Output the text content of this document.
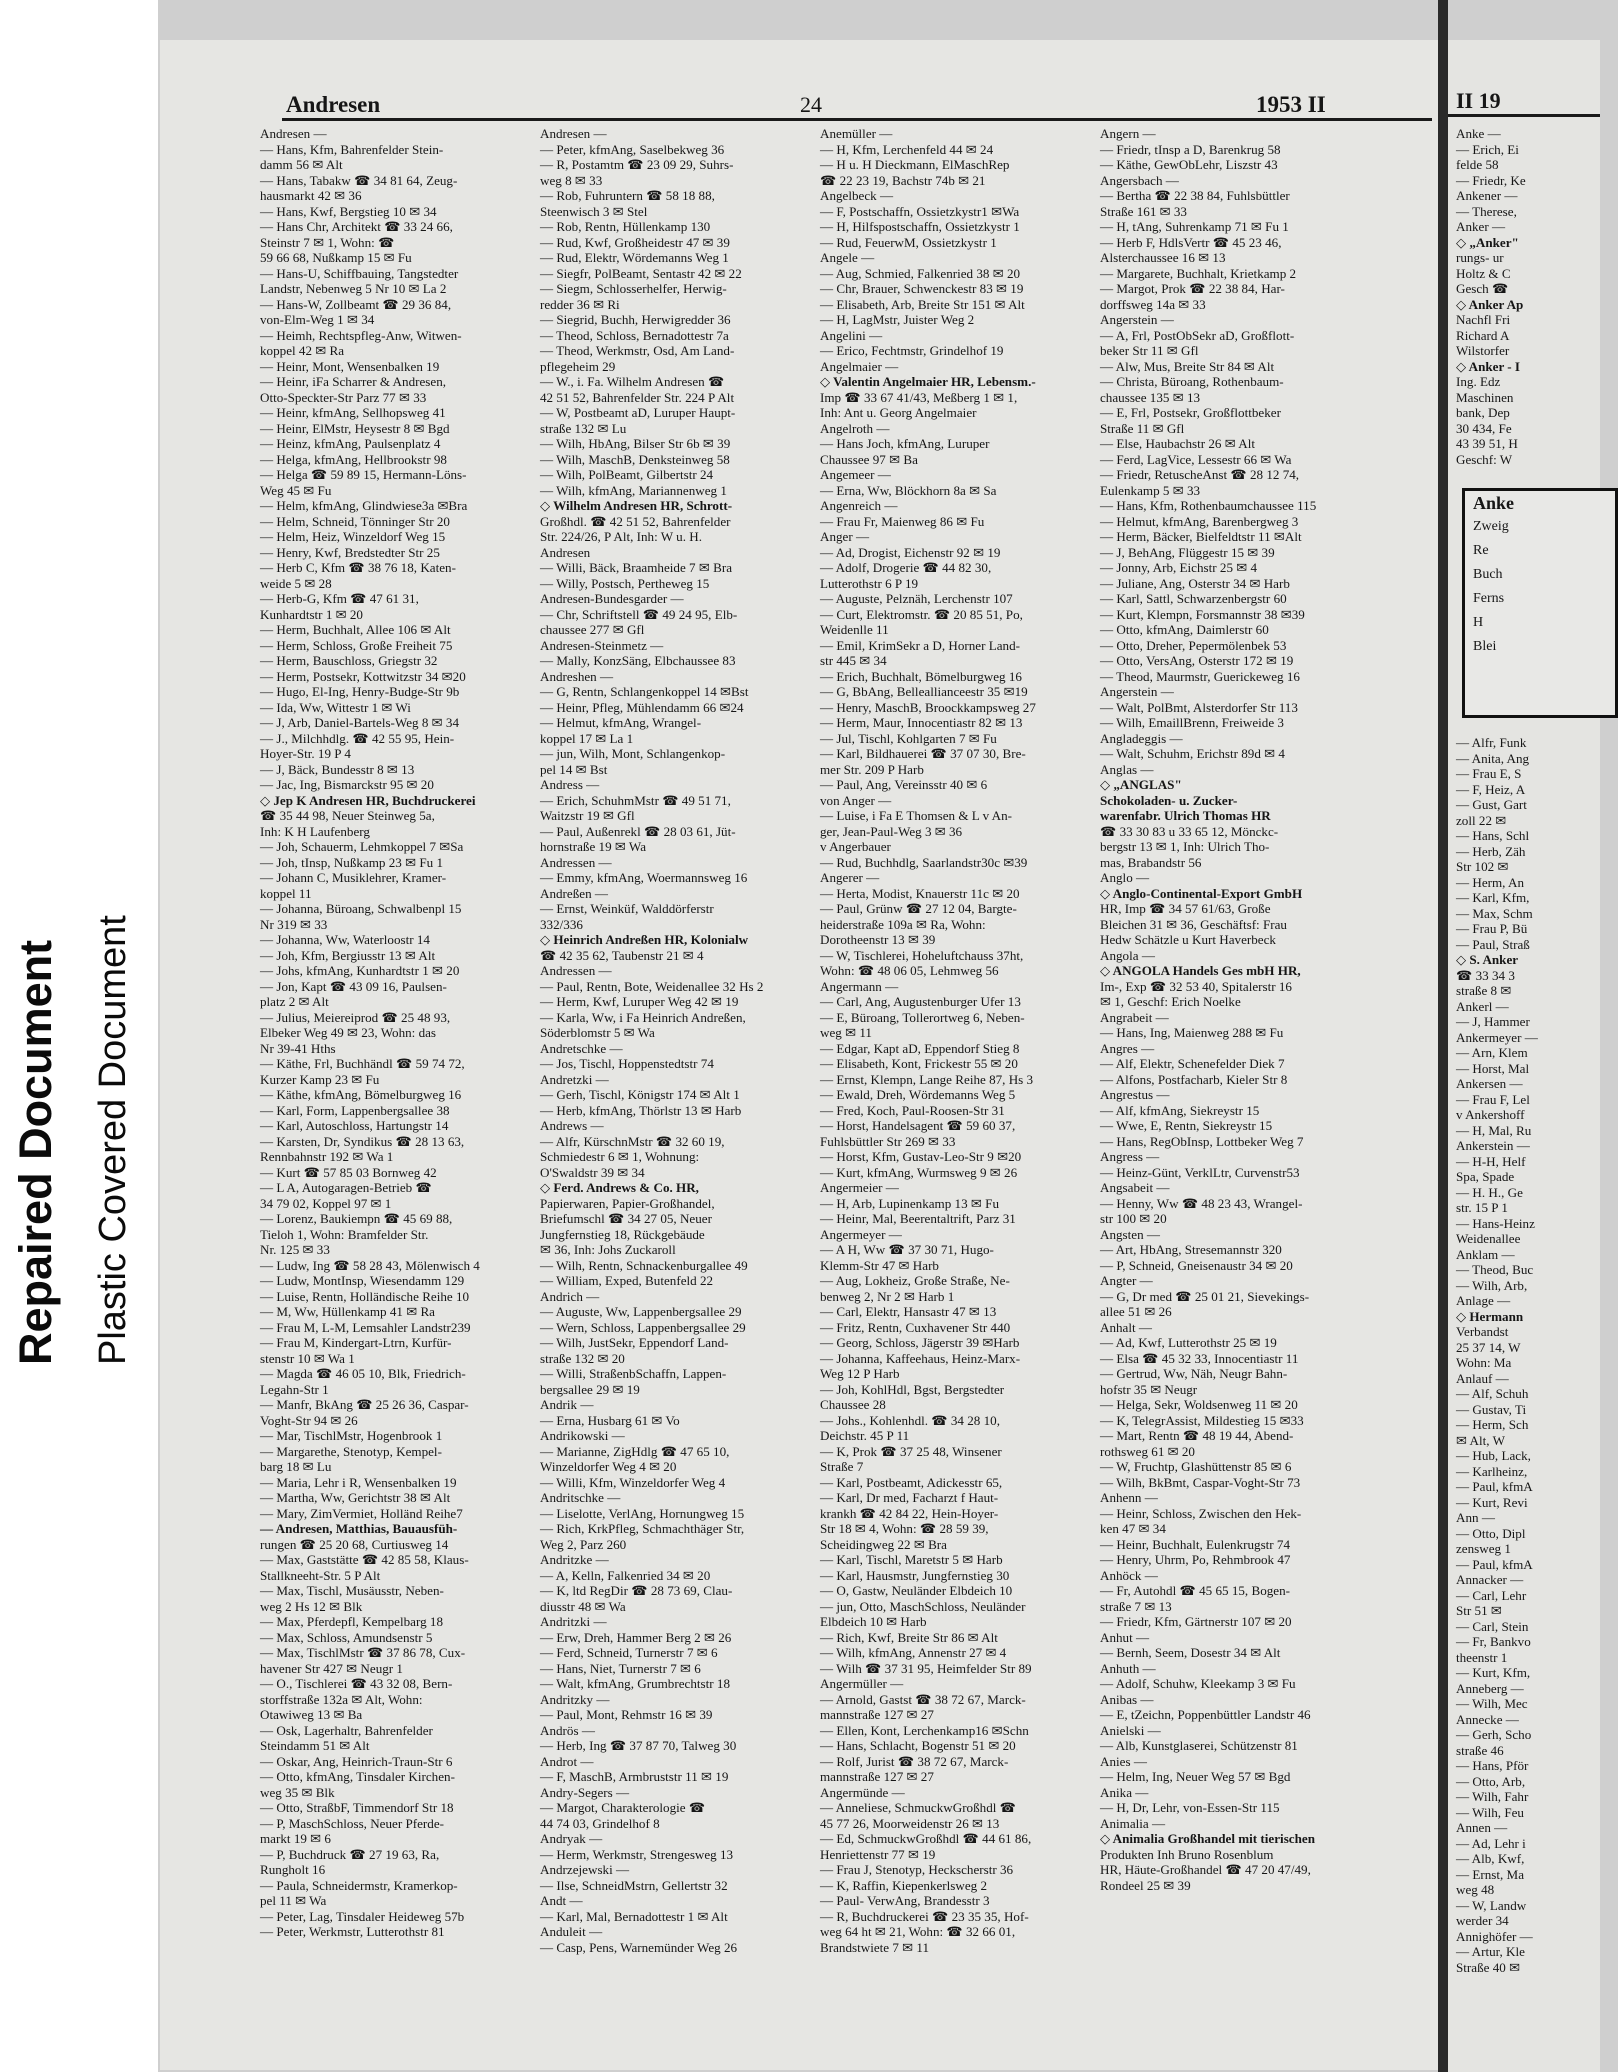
Repaired Document Plastic Covered Document
Andresen	24	1953 II
Andresen —
— Hans, Kfm, Bahrenfelder Stein-
damm 56 ✉ Alt
— Hans, Tabakw ☎ 34 81 64, Zeug-
hausmarkt 42 ✉ 36
— Hans, Kwf, Bergstieg 10 ✉ 34
— Hans Chr, Architekt ☎ 33 24 66,
Steinstr 7 ✉ 1, Wohn: ☎
59 66 68, Nußkamp 15 ✉ Fu
— Hans-U, Schiffbauing, Tangstedter
Landstr, Nebenweg 5 Nr 10 ✉ La 2
— Hans-W, Zollbeamt ☎ 29 36 84,
von-Elm-Weg 1 ✉ 34
— Heimh, Rechtspfleg-Anw, Witwen-
koppel 42 ✉ Ra
— Heinr, Mont, Wensenbalken 19
— Heinr, iFa Scharrer & Andresen,
Otto-Speckter-Str Parz 77 ✉ 33
— Heinr, kfmAng, Sellhopsweg 41
— Heinr, ElMstr, Heysestr 8 ✉ Bgd
— Heinz, kfmAng, Paulsenplatz 4
— Helga, kfmAng, Hellbrookstr 98
— Helga ☎ 59 89 15, Hermann-Löns-
Weg 45 ✉ Fu
— Helm, kfmAng, Glindwiese3a ✉Bra
— Helm, Schneid, Tönninger Str 20
— Helm, Heiz, Winzeldorf Weg 15
— Henry, Kwf, Bredstedter Str 25
— Herb C, Kfm ☎ 38 76 18, Katen-
weide 5 ✉ 28
— Herb-G, Kfm ☎ 47 61 31,
Kunhardtstr 1 ✉ 20
— Herm, Buchhalt, Allee 106 ✉ Alt
— Herm, Schloss, Große Freiheit 75
— Herm, Bauschloss, Griegstr 32
— Herm, Postsekr, Kottwitzstr 34 ✉20
— Hugo, El-Ing, Henry-Budge-Str 9b
— Ida, Ww, Wittestr 1 ✉ Wi
— J, Arb, Daniel-Bartels-Weg 8 ✉ 34
— J., Milchhdlg. ☎ 42 55 95, Hein-
Hoyer-Str. 19 P 4
— J, Bäck, Bundesstr 8 ✉ 13
— Jac, Ing, Bismarckstr 95 ✉ 20
◇ Jep K Andresen HR, Buchdruckerei
☎ 35 44 98, Neuer Steinweg 5a,
Inh: K H Laufenberg
— Joh, Schauerm, Lehmkoppel 7 ✉Sa
— Joh, tInsp, Nußkamp 23 ✉ Fu 1
— Johann C, Musiklehrer, Kramer-
koppel 11
— Johanna, Büroang, Schwalbenpl 15
Nr 319 ✉ 33
— Johanna, Ww, Waterloostr 14
— Joh, Kfm, Bergiusstr 13 ✉ Alt
— Johs, kfmAng, Kunhardtstr 1 ✉ 20
— Jon, Kapt ☎ 43 09 16, Paulsen-
platz 2 ✉ Alt
— Julius, Meiereiprod ☎ 25 48 93,
Elbeker Weg 49 ✉ 23, Wohn: das
Nr 39-41 Hths
— Käthe, Frl, Buchhändl ☎ 59 74 72,
Kurzer Kamp 23 ✉ Fu
— Käthe, kfmAng, Bömelburgweg 16
— Karl, Form, Lappenbergsallee 38
— Karl, Autoschloss, Hartungstr 14
— Karsten, Dr, Syndikus ☎ 28 13 63,
Rennbahnstr 192 ✉ Wa 1
— Kurt ☎ 57 85 03 Bornweg 42
— L A, Autogaragen-Betrieb ☎
34 79 02, Koppel 97 ✉ 1
— Lorenz, Baukiempn ☎ 45 69 88,
Tieloh 1, Wohn: Bramfelder Str.
Nr. 125 ✉ 33
— Ludw, Ing ☎ 58 28 43, Mölenwisch 4
— Ludw, MontInsp, Wiesendamm 129
— Luise, Rentn, Holländische Reihe 10
— M, Ww, Hüllenkamp 41 ✉ Ra
— Frau M, L-M, Lemsahler Landstr239
— Frau M, Kindergart-Ltrn, Kurfür-
stenstr 10 ✉ Wa 1
— Magda ☎ 46 05 10, Blk, Friedrich-
Legahn-Str 1
— Manfr, BkAng ☎ 25 26 36, Caspar-
Voght-Str 94 ✉ 26
— Mar, TischlMstr, Hogenbrook 1
— Margarethe, Stenotyp, Kempel-
barg 18 ✉ Lu
— Maria, Lehr i R, Wensenbalken 19
— Martha, Ww, Gerichtstr 38 ✉ Alt
— Mary, ZimVermiet, Holländ Reihe7
— Andresen, Matthias, Bauausfüh-
rungen ☎ 25 20 68, Curtiusweg 14
— Max, Gaststätte ☎ 42 85 58, Klaus-
Stallkneeht-Str. 5 P Alt
— Max, Tischl, Musäusstr, Neben-
weg 2 Hs 12 ✉ Blk
— Max, Pferdepfl, Kempelbarg 18
— Max, Schloss, Amundsenstr 5
— Max, TischlMstr ☎ 37 86 78, Cux-
havener Str 427 ✉ Neugr 1
— O., Tischlerei ☎ 43 32 08, Bern-
storffstraße 132a ✉ Alt, Wohn:
Otawiweg 13 ✉ Ba
— Osk, Lagerhaltr, Bahrenfelder
Steindamm 51 ✉ Alt
— Oskar, Ang, Heinrich-Traun-Str 6
— Otto, kfmAng, Tinsdaler Kirchen-
weg 35 ✉ Blk
— Otto, StraßbF, Timmendorf Str 18
— P, MaschSchloss, Neuer Pferde-
markt 19 ✉ 6
— P, Buchdruck ☎ 27 19 63, Ra,
Rungholt 16
— Paula, Schneidermstr, Kramerkop-
pel 11 ✉ Wa
— Peter, Lag, Tinsdaler Heideweg 57b
— Peter, Werkmstr, Lutterothstr 81
Andresen —
— Peter, kfmAng, Saselbekweg 36
— R, Postamtm ☎ 23 09 29, Suhrs-
weg 8 ✉ 33
— Rob, Fuhruntern ☎ 58 18 88,
Steenwisch 3 ✉ Stel
— Rob, Rentn, Hüllenkamp 130
— Rud, Kwf, Großheidestr 47 ✉ 39
— Rud, Elektr, Wördemanns Weg 1
— Siegfr, PolBeamt, Sentastr 42 ✉ 22
— Siegm, Schlosserhelfer, Herwig-
redder 36 ✉ Ri
— Siegrid, Buchh, Herwigredder 36
— Theod, Schloss, Bernadottestr 7a
— Theod, Werkmstr, Osd, Am Land-
pflegeheim 29
— W., i. Fa. Wilhelm Andresen ☎
42 51 52, Bahrenfelder Str. 224 P Alt
— W, Postbeamt aD, Luruper Haupt-
straße 132 ✉ Lu
— Wilh, HbAng, Bilser Str 6b ✉ 39
— Wilh, MaschB, Denksteinweg 58
— Wilh, PolBeamt, Gilbertstr 24
— Wilh, kfmAng, Mariannenweg 1
◇ Wilhelm Andresen HR, Schrott-
Großhdl. ☎ 42 51 52, Bahrenfelder
Str. 224/26, P Alt, Inh: W u. H.
Andresen
— Willi, Bäck, Braamheide 7 ✉ Bra
— Willy, Postsch, Pertheweg 15
Andresen-Bundesgarder —
— Chr, Schriftstell ☎ 49 24 95, Elb-
chaussee 277 ✉ Gfl
Andresen-Steinmetz —
— Mally, KonzSäng, Elbchaussee 83
Andreshen —
— G, Rentn, Schlangenkoppel 14 ✉Bst
— Heinr, Pfleg, Mühlendamm 66 ✉24
— Helmut, kfmAng, Wrangel-
koppel 17 ✉ La 1
— jun, Wilh, Mont, Schlangenkop-
pel 14 ✉ Bst
Andress —
— Erich, SchuhmMstr ☎ 49 51 71,
Waitzstr 19 ✉ Gfl
— Paul, Außenrekl ☎ 28 03 61, Jüt-
hornstraße 19 ✉ Wa
Andressen —
— Emmy, kfmAng, Woermannsweg 16
Andreßen —
— Ernst, Weinküf, Walddörferstr
332/336
◇ Heinrich Andreßen HR, Kolonialw
☎ 42 35 62, Taubenstr 21 ✉ 4
Andressen —
— Paul, Rentn, Bote, Weidenallee 32 Hs 2
— Herm, Kwf, Luruper Weg 42 ✉ 19
— Karla, Ww, i Fa Heinrich Andreßen,
Söderblomstr 5 ✉ Wa
Andretschke —
— Jos, Tischl, Hoppenstedtstr 74
Andretzki —
— Gerh, Tischl, Königstr 174 ✉ Alt 1
— Herb, kfmAng, Thörlstr 13 ✉ Harb
Andrews —
— Alfr, KürschnMstr ☎ 32 60 19,
Schmiedestr 6 ✉ 1, Wohnung:
O'Swaldstr 39 ✉ 34
◇ Ferd. Andrews & Co. HR,
Papierwaren, Papier-Großhandel,
Briefumschl ☎ 34 27 05, Neuer
Jungfernstieg 18, Rückgebäude
✉ 36, Inh: Johs Zuckaroll
— Wilh, Rentn, Schnackenburgallee 49
— William, Exped, Butenfeld 22
Andrich —
— Auguste, Ww, Lappenbergsallee 29
— Wern, Schloss, Lappenbergsallee 29
— Wilh, JustSekr, Eppendorf Land-
straße 132 ✉ 20
— Willi, StraßenbSchaffn, Lappen-
bergsallee 29 ✉ 19
Andrik —
— Erna, Husbarg 61 ✉ Vo
Andrikowski —
— Marianne, ZigHdlg ☎ 47 65 10,
Winzeldorfer Weg 4 ✉ 20
— Willi, Kfm, Winzeldorfer Weg 4
Andritschke —
— Liselotte, VerlAng, Hornungweg 15
— Rich, KrkPfleg, Schmachthäger Str,
Weg 2, Parz 260
Andritzke —
— A, Kelln, Falkenried 34 ✉ 20
— K, ltd RegDir ☎ 28 73 69, Clau-
diusstr 48 ✉ Wa
Andritzki —
— Erw, Dreh, Hammer Berg 2 ✉ 26
— Ferd, Schneid, Turnerstr 7 ✉ 6
— Hans, Niet, Turnerstr 7 ✉ 6
— Walt, kfmAng, Grumbrechtstr 18
Andritzky —
— Paul, Mont, Rehmstr 16 ✉ 39
Andrös —
— Herb, Ing ☎ 37 87 70, Talweg 30
Androt —
— F, MaschB, Armbruststr 11 ✉ 19
Andry-Segers —
— Margot, Charakterologie ☎
44 74 03, Grindelhof 8
Andryak —
— Herm, Werkmstr, Strengesweg 13
Andrzejewski —
— Ilse, SchneidMstrn, Gellertstr 32
Andt —
— Karl, Mal, Bernadottestr 1 ✉ Alt
Anduleit —
— Casp, Pens, Warnemünder Weg 26
Anemüller —
— H, Kfm, Lerchenfeld 44 ✉ 24
— H u. H Dieckmann, ElMaschRep
☎ 22 23 19, Bachstr 74b ✉ 21
Angelbeck —
— F, Postschaffn, Ossietzkystr1 ✉Wa
— H, Hilfspostschaffn, Ossietzkystr 1
— Rud, FeuerwM, Ossietzkystr 1
Angele —
— Aug, Schmied, Falkenried 38 ✉ 20
— Chr, Brauer, Schwenckestr 83 ✉ 19
— Elisabeth, Arb, Breite Str 151 ✉ Alt
— H, LagMstr, Juister Weg 2
Angelini —
— Erico, Fechtmstr, Grindelhof 19
Angelmaier —
◇ Valentin Angelmaier HR, Lebensm.-
Imp ☎ 33 67 41/43, Meßberg 1 ✉ 1,
Inh: Ant u. Georg Angelmaier
Angelroth —
— Hans Joch, kfmAng, Luruper
Chaussee 97 ✉ Ba
Angemeer —
— Erna, Ww, Blöckhorn 8a ✉ Sa
Angenreich —
— Frau Fr, Maienweg 86 ✉ Fu
Anger —
— Ad, Drogist, Eichenstr 92 ✉ 19
— Adolf, Drogerie ☎ 44 82 30,
Lutterothstr 6 P 19
— Auguste, Pelznäh, Lerchenstr 107
— Curt, Elektromstr. ☎ 20 85 51, Po,
Weidenlle 11
— Emil, KrimSekr a D, Horner Land-
str 445 ✉ 34
— Erich, Buchhalt, Bömelburgweg 16
— G, BbAng, Belleallianceestr 35 ✉19
— Henry, MaschB, Broockkampsweg 27
— Herm, Maur, Innocentiastr 82 ✉ 13
— Jul, Tischl, Kohlgarten 7 ✉ Fu
— Karl, Bildhauerei ☎ 37 07 30, Bre-
mer Str. 209 P Harb
— Paul, Ang, Vereinsstr 40 ✉ 6
von Anger —
— Luise, i Fa E Thomsen & L v An-
ger, Jean-Paul-Weg 3 ✉ 36
v Angerbauer
— Rud, Buchhdlg, Saarlandstr30c ✉39
Angerer —
— Herta, Modist, Knauerstr 11c ✉ 20
— Paul, Grünw ☎ 27 12 04, Bargte-
heiderstraße 109a ✉ Ra, Wohn:
Dorotheenstr 13 ✉ 39
— W, Tischlerei, Hoheluftchauss 37ht,
Wohn: ☎ 48 06 05, Lehmweg 56
Angermann —
— Carl, Ang, Augustenburger Ufer 13
— E, Büroang, Tollerortweg 6, Neben-
weg ✉ 11
— Edgar, Kapt aD, Eppendorf Stieg 8
— Elisabeth, Kont, Frickestr 55 ✉ 20
— Ernst, Klempn, Lange Reihe 87, Hs 3
— Ewald, Dreh, Wördemanns Weg 5
— Fred, Koch, Paul-Roosen-Str 31
— Horst, Handelsagent ☎ 59 60 37,
Fuhlsbüttler Str 269 ✉ 33
— Horst, Kfm, Gustav-Leo-Str 9 ✉20
— Kurt, kfmAng, Wurmsweg 9 ✉ 26
Angermeier —
— H, Arb, Lupinenkamp 13 ✉ Fu
— Heinr, Mal, Beerentaltrift, Parz 31
Angermeyer —
— A H, Ww ☎ 37 30 71, Hugo-
Klemm-Str 47 ✉ Harb
— Aug, Lokheiz, Große Straße, Ne-
benweg 2, Nr 2 ✉ Harb 1
— Carl, Elektr, Hansastr 47 ✉ 13
— Fritz, Rentn, Cuxhavener Str 440
— Georg, Schloss, Jägerstr 39 ✉Harb
— Johanna, Kaffeehaus, Heinz-Marx-
Weg 12 P Harb
— Joh, KohlHdl, Bgst, Bergstedter
Chaussee 28
— Johs., Kohlenhdl. ☎ 34 28 10,
Deichstr. 45 P 11
— K, Prok ☎ 37 25 48, Winsener
Straße 7
— Karl, Postbeamt, Adickesstr 65,
— Karl, Dr med, Facharzt f Haut-
krankh ☎ 42 84 22, Hein-Hoyer-
Str 18 ✉ 4, Wohn: ☎ 28 59 39,
Scheidingweg 22 ✉ Bra
— Karl, Tischl, Maretstr 5 ✉ Harb
— Karl, Hausmstr, Jungfernstieg 30
— O, Gastw, Neuländer Elbdeich 10
— jun, Otto, MaschSchloss, Neuländer
Elbdeich 10 ✉ Harb
— Rich, Kwf, Breite Str 86 ✉ Alt
— Wilh, kfmAng, Annenstr 27 ✉ 4
— Wilh ☎ 37 31 95, Heimfelder Str 89
Angermüller —
— Arnold, Gastst ☎ 38 72 67, Marck-
mannstraße 127 ✉ 27
— Ellen, Kont, Lerchenkamp16 ✉Schn
— Hans, Schlacht, Bogenstr 51 ✉ 20
— Rolf, Jurist ☎ 38 72 67, Marck-
mannstraße 127 ✉ 27
Angermünde —
— Anneliese, SchmuckwGroßhdl ☎
45 77 26, Moorweidenstr 26 ✉ 13
— Ed, SchmuckwGroßhdl ☎ 44 61 86,
Henriettenstr 77 ✉ 19
— Frau J, Stenotyp, Heckscherstr 36
— K, Raffin, Kiepenkerlsweg 2
— Paul- VerwAng, Brandesstr 3
— R, Buchdruckerei ☎ 23 35 35, Hof-
weg 64 ht ✉ 21, Wohn: ☎ 32 66 01,
Brandstwiete 7 ✉ 11
Angern —
— Friedr, tInsp a D, Barenkrug 58
— Käthe, GewObLehr, Liszstr 43
Angersbach —
— Bertha ☎ 22 38 84, Fuhlsbüttler
Straße 161 ✉ 33
— H, tAng, Suhrenkamp 71 ✉ Fu 1
— Herb F, HdlsVertr ☎ 45 23 46,
Alsterchaussee 16 ✉ 13
— Margarete, Buchhalt, Krietkamp 2
— Margot, Prok ☎ 22 38 84, Har-
dorffsweg 14a ✉ 33
Angerstein —
— A, Frl, PostObSekr aD, Großflott-
beker Str 11 ✉ Gfl
— Alw, Mus, Breite Str 84 ✉ Alt
— Christa, Büroang, Rothenbaum-
chaussee 135 ✉ 13
— E, Frl, Postsekr, Großflottbeker
Straße 11 ✉ Gfl
— Else, Haubachstr 26 ✉ Alt
— Ferd, LagVice, Lessestr 66 ✉ Wa
— Friedr, RetuscheAnst ☎ 28 12 74,
Eulenkamp 5 ✉ 33
— Hans, Kfm, Rothenbaumchaussee 115
— Helmut, kfmAng, Barenbergweg 3
— Herm, Bäcker, Bielfeldtstr 11 ✉Alt
— J, BehAng, Flüggestr 15 ✉ 39
— Jonny, Arb, Eichstr 25 ✉ 4
— Juliane, Ang, Osterstr 34 ✉ Harb
— Karl, Sattl, Schwarzenbergstr 60
— Kurt, Klempn, Forsmannstr 38 ✉39
— Otto, kfmAng, Daimlerstr 60
— Otto, Dreher, Pepermölenbek 53
— Otto, VersAng, Osterstr 172 ✉ 19
— Theod, Maurmstr, Guerickeweg 16
Angerstein —
— Walt, PolBmt, Alsterdorfer Str 113
— Wilh, EmaillBrenn, Freiweide 3
Angladeggis —
— Walt, Schuhm, Erichstr 89d ✉ 4
Anglas —
◇ „ANGLAS"
Schokoladen- u. Zucker-
warenfabr. Ulrich Thomas HR
☎ 33 30 83 u 33 65 12, Mönckc-
bergstr 13 ✉ 1, Inh: Ulrich Tho-
mas, Brabandstr 56
Anglo —
◇ Anglo-Continental-Export GmbH
HR, Imp ☎ 34 57 61/63, Große
Bleichen 31 ✉ 36, Geschäftsf: Frau
Hedw Schätzle u Kurt Haverbeck
Angola —
◇ ANGOLA Handels Ges mbH HR,
Im-, Exp ☎ 32 53 40, Spitalerstr 16
✉ 1, Geschf: Erich Noelke
Angrabeit —
— Hans, Ing, Maienweg 288 ✉ Fu
Angres —
— Alf, Elektr, Schenefelder Diek 7
— Alfons, Postfacharb, Kieler Str 8
Angrestus —
— Alf, kfmAng, Siekreystr 15
— Wwe, E, Rentn, Siekreystr 15
— Hans, RegObInsp, Lottbeker Weg 7
Angress —
— Heinz-Günt, VerklLtr, Curvenstr53
Angsabeit —
— Henny, Ww ☎ 48 23 43, Wrangel-
str 100 ✉ 20
Angsten —
— Art, HbAng, Stresemannstr 320
— P, Schneid, Gneisenaustr 34 ✉ 20
Angter —
— G, Dr med ☎ 25 01 21, Sievekings-
allee 51 ✉ 26
Anhalt —
— Ad, Kwf, Lutterothstr 25 ✉ 19
— Elsa ☎ 45 32 33, Innocentiastr 11
— Gertrud, Ww, Näh, Neugr Bahn-
hofstr 35 ✉ Neugr
— Helga, Sekr, Woldsenweg 11 ✉ 20
— K, TelegrAssist, Mildestieg 15 ✉33
— Mart, Rentn ☎ 48 19 44, Abend-
rothsweg 61 ✉ 20
— W, Fruchtp, Glashüttenstr 85 ✉ 6
— Wilh, BkBmt, Caspar-Voght-Str 73
Anhenn —
— Heinr, Schloss, Zwischen den Hek-
ken 47 ✉ 34
— Heinr, Buchhalt, Eulenkrugstr 74
— Henry, Uhrm, Po, Rehmbrook 47
Anhöck —
— Fr, Autohdl ☎ 45 65 15, Bogen-
straße 7 ✉ 13
— Friedr, Kfm, Gärtnerstr 107 ✉ 20
Anhut —
— Bernh, Seem, Dosestr 34 ✉ Alt
Anhuth —
— Adolf, Schuhw, Kleekamp 3 ✉ Fu
Anibas —
— E, tZeichn, Poppenbüttler Landstr 46
Anielski —
— Alb, Kunstglaserei, Schützenstr 81
Anies —
— Helm, Ing, Neuer Weg 57 ✉ Bgd
Anika —
— H, Dr, Lehr, von-Essen-Str 115
Animalia —
◇ Animalia Großhandel mit tierischen
Produkten Inh Bruno Rosenblum
HR, Häute-Großhandel ☎ 47 20 47/49,
Rondeel 25 ✉ 39
II 19
Anke —
— Erich, Ei
felde 58
— Friedr, Ke
Ankener —
— Therese,
Anker —
◇ „Anker"
rungs- ur
Holtz & C
Gesch ☎
◇ Anker Ap
Nachfl Fri
Richard A
Wilstorfer
◇ Anker - I
Ing. Edz
Maschinen
bank, Dep
30 434, Fe
43 39 51, H
Geschf: W
Anke
Zweig
Re
Buch
Ferns
H
Blei
— Alfr, Funk
— Anita, Ang
— Frau E, S
— F, Heiz, A
— Gust, Gart
zoll 22 ✉
— Hans, Schl
— Herb, Zäh
Str 102 ✉
— Herm, An
— Karl, Kfm,
— Max, Schm
— Frau P, Bü
— Paul, Straß
◇ S. Anker
☎ 33 34 3
straße 8 ✉
Ankerl —
— J, Hammer
Ankermeyer —
— Arn, Klem
— Horst, Mal
Ankersen —
— Frau F, Lel
v Ankershoff
— H, Mal, Ru
Ankerstein —
— H-H, Helf
Spa, Spade
— H. H., Ge
str. 15 P 1
— Hans-Heinz
Weidenallee
Anklam —
— Theod, Buc
— Wilh, Arb,
Anlage —
◇ Hermann
Verbandst
25 37 14, W
Wohn: Ma
Anlauf —
— Alf, Schuh
— Gustav, Ti
— Herm, Sch
✉ Alt, W
— Hub, Lack,
— Karlheinz,
— Paul, kfmA
— Kurt, Revi
Ann —
— Otto, Dipl
zensweg 1
— Paul, kfmA
Annacker —
— Carl, Lehr
Str 51 ✉
— Carl, Stein
— Fr, Bankvo
theenstr 1
— Kurt, Kfm,
Anneberg —
— Wilh, Mec
Annecke —
— Gerh, Scho
straße 46
— Hans, Pför
— Otto, Arb,
— Wilh, Fahr
— Wilh, Feu
Annen —
— Ad, Lehr i
— Alb, Kwf,
— Ernst, Ma
weg 48
— W, Landw
werder 34
Annighöfer —
— Artur, Kle
Straße 40 ✉
